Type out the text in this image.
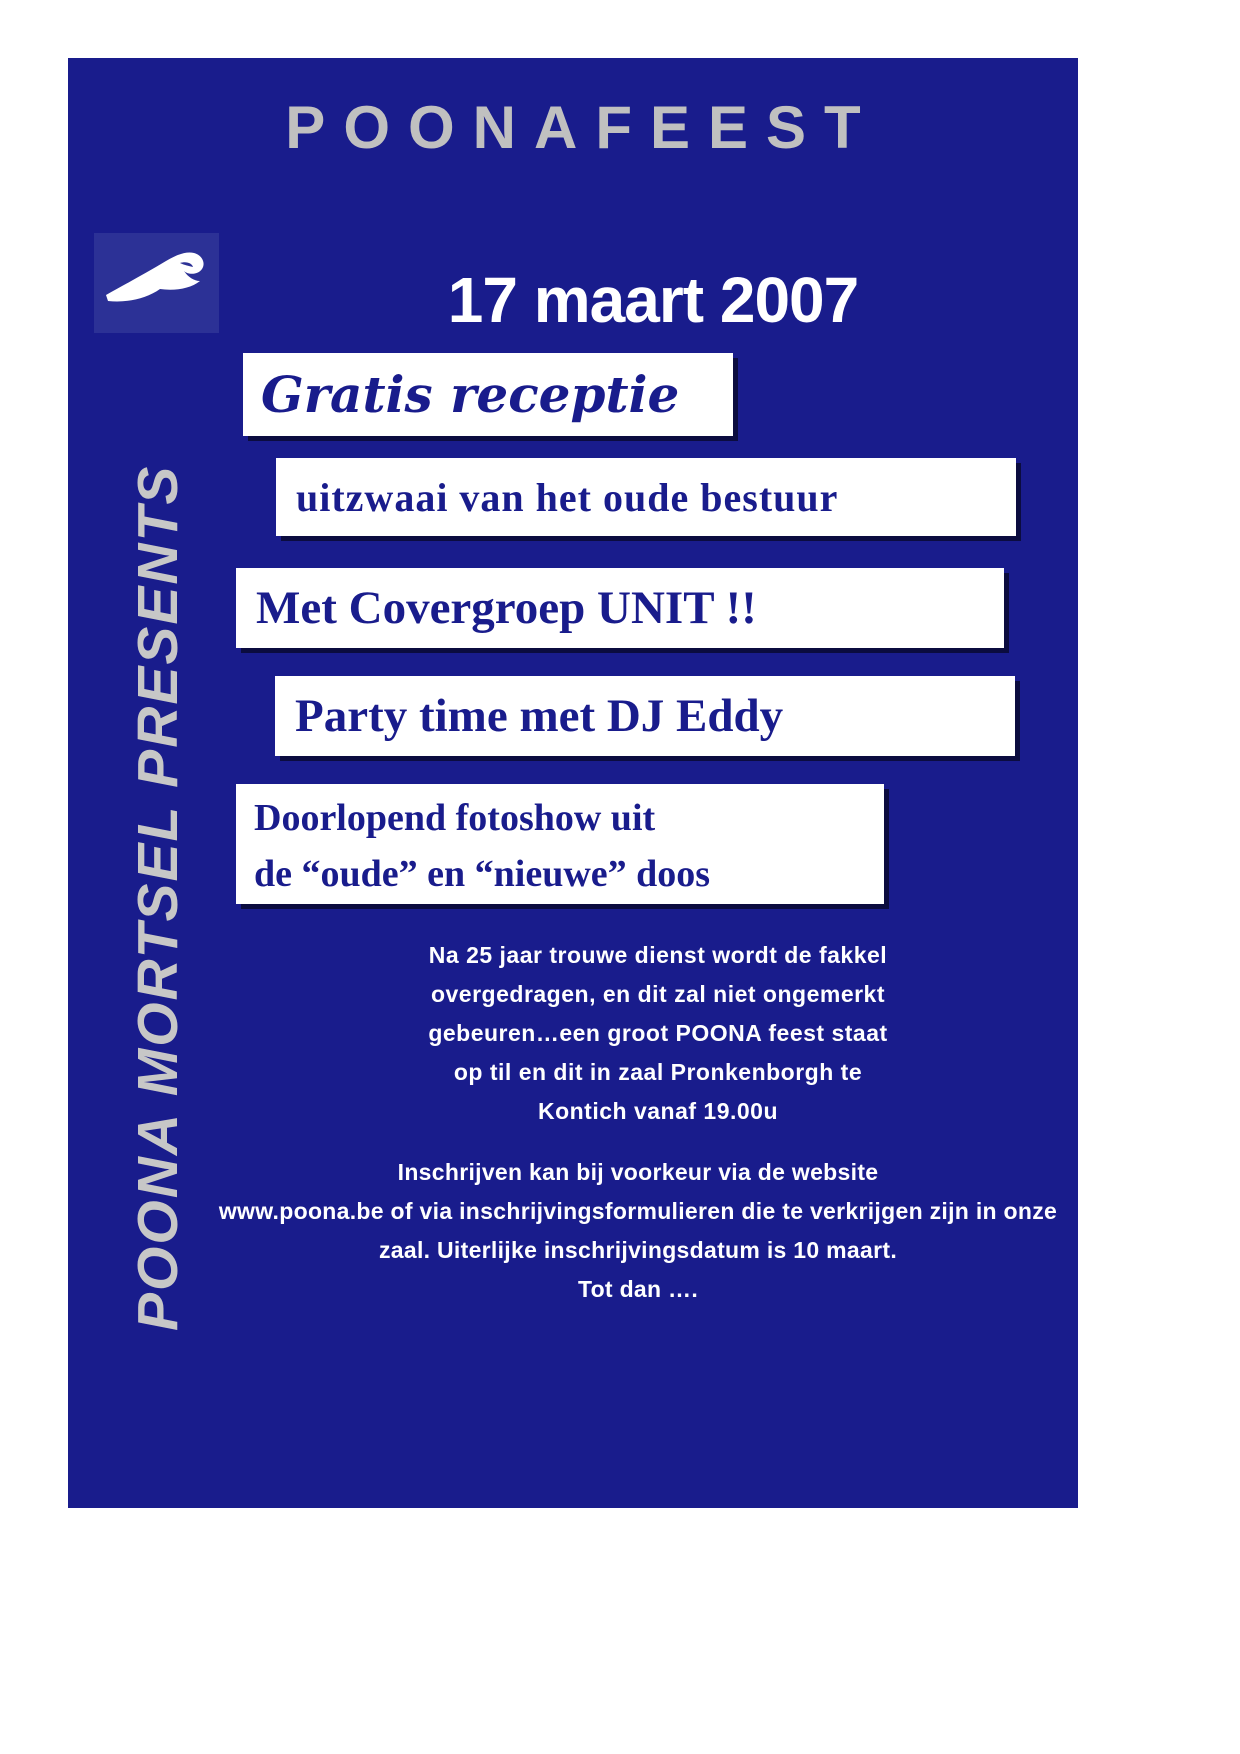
POONAFEEST
POONA MORTSEL PRESENTS
17 maart 2007
Gratis receptie
uitzwaai van het oude bestuur
Met Covergroep UNIT !!
Party time met DJ Eddy
Doorlopend fotoshow uit
de “oude” en “nieuwe” doos
Na 25 jaar trouwe dienst wordt de fakkel
overgedragen, en dit zal niet ongemerkt
gebeuren…een groot POONA feest staat
op til en dit in zaal Pronkenborgh te
Kontich vanaf 19.00u
Inschrijven kan bij voorkeur via de website
www.poona.be of via inschrijvingsformulieren die te verkrijgen zijn in onze
zaal. Uiterlijke inschrijvingsdatum is 10 maart.
Tot dan ….
